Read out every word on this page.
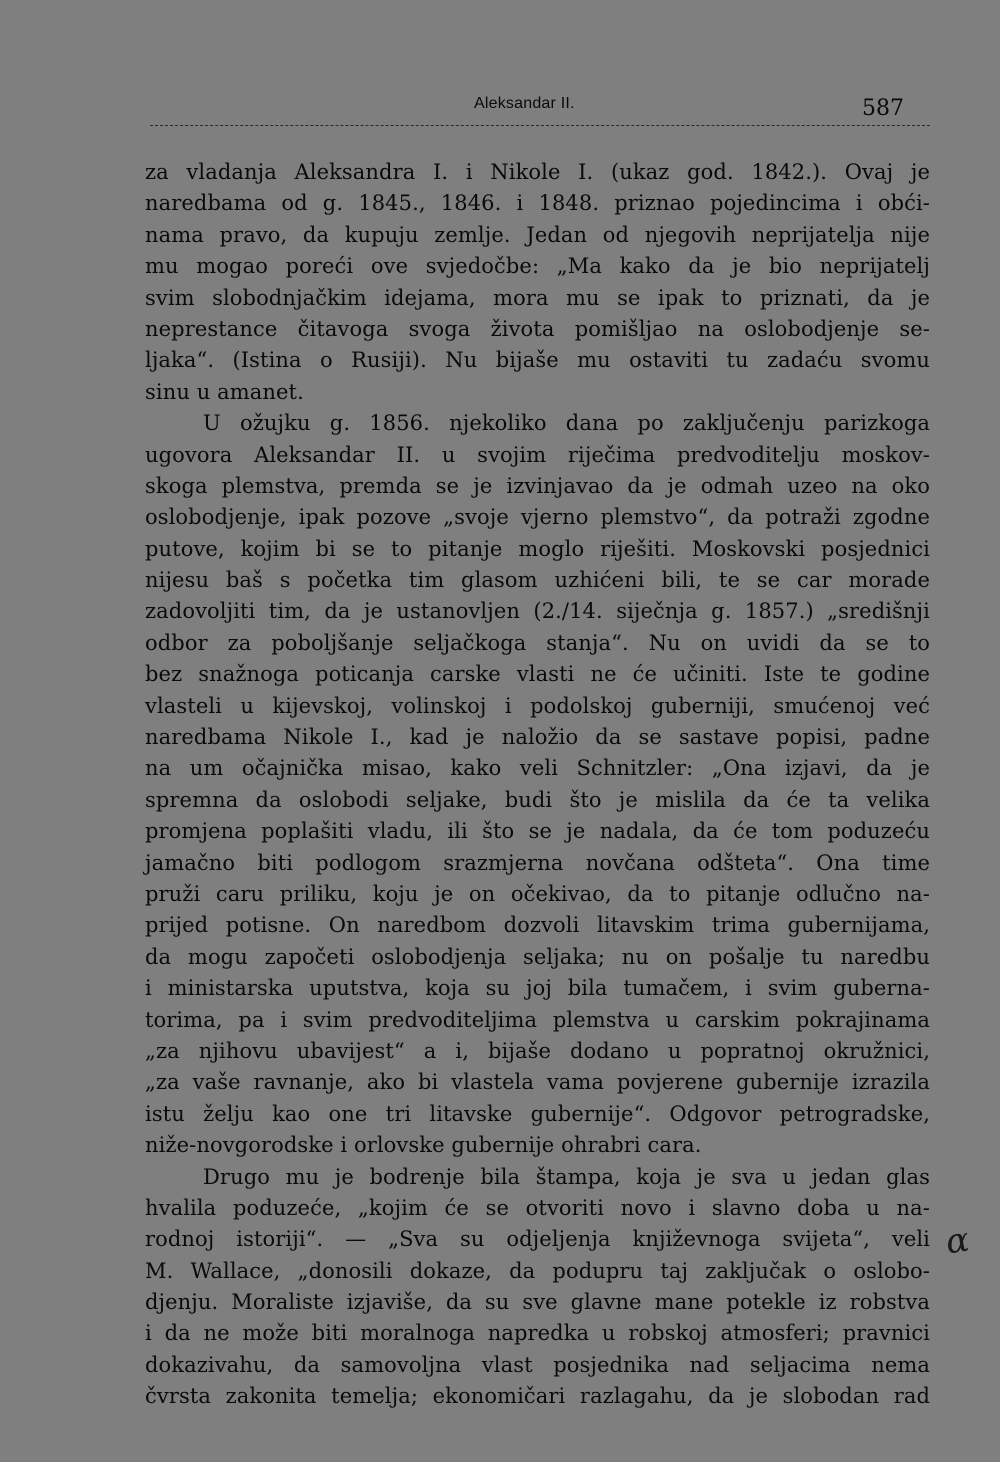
Aleksandar II.	587
za vladanja Aleksandra I. i Nikole I. (ukaz god. 1842.). Ovaj je
naredbama od g. 1845., 1846. i 1848. priznao pojedincima i obći-
nama pravo, da kupuju zemlje. Jedan od njegovih neprijatelja nije
mu mogao poreći ove svjedočbe: „Ma kako da je bio neprijatelj
svim slobodnjačkim idejama, mora mu se ipak to priznati, da je
neprestance čitavoga svoga života pomišljao na oslobodjenje se-
ljaka“. (Istina o Rusiji). Nu bijaše mu ostaviti tu zadaću svomu
sinu u amanet.
U ožujku g. 1856. njekoliko dana po zaključenju parizkoga
ugovora Aleksandar II. u svojim riječima predvoditelju moskov-
skoga plemstva, premda se je izvinjavao da je odmah uzeo na oko
oslobodjenje, ipak pozove „svoje vjerno plemstvo“, da potraži zgodne
putove, kojim bi se to pitanje moglo riješiti. Moskovski posjednici
nijesu baš s početka tim glasom uzhićeni bili, te se car morade
zadovoljiti tim, da je ustanovljen (2./14. siječnja g. 1857.) „središnji
odbor za poboljšanje seljačkoga stanja“. Nu on uvidi da se to
bez snažnoga poticanja carske vlasti ne će učiniti. Iste te godine
vlasteli u kijevskoj, volinskoj i podolskoj guberniji, smućenoj već
naredbama Nikole I., kad je naložio da se sastave popisi, padne
na um očajnička misao, kako veli Schnitzler: „Ona izjavi, da je
spremna da oslobodi seljake, budi što je mislila da će ta velika
promjena poplašiti vladu, ili što se je nadala, da će tom poduzeću
jamačno biti podlogom srazmjerna novčana odšteta“. Ona time
pruži caru priliku, koju je on očekivao, da to pitanje odlučno na-
prijed potisne. On naredbom dozvoli litavskim trima gubernijama,
da mogu započeti oslobodjenja seljaka; nu on pošalje tu naredbu
i ministarska uputstva, koja su joj bila tumačem, i svim guberna-
torima, pa i svim predvoditeljima plemstva u carskim pokrajinama
„za njihovu ubavijest“ a i, bijaše dodano u popratnoj okružnici,
„za vaše ravnanje, ako bi vlastela vama povjerene gubernije izrazila
istu želju kao one tri litavske gubernije“. Odgovor petrogradske,
niže-novgorodske i orlovske gubernije ohrabri cara.
Drugo mu je bodrenje bila štampa, koja je sva u jedan glas
hvalila poduzeće, „kojim će se otvoriti novo i slavno doba u na-
rodnoj istoriji“. — „Sva su odjeljenja književnoga svijeta“, veli
M. Wallace, „donosili dokaze, da podupru taj zaključak o oslobo-
djenju. Moraliste izjaviše, da su sve glavne mane potekle iz robstva
i da ne može biti moralnoga napredka u robskoj atmosferi; pravnici
dokazivahu, da samovoljna vlast posjednika nad seljacima nema
čvrsta zakonita temelja; ekonomičari razlagahu, da je slobodan rad
α
